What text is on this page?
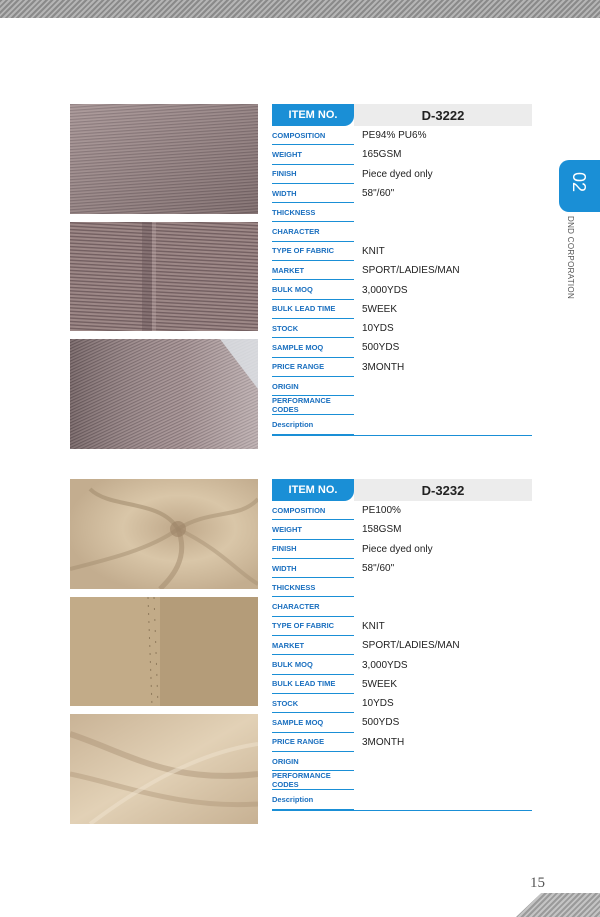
02
DND CORPORATION

ITEM NO.	D-3222
COMPOSITION	PE94% PU6%
WEIGHT	165GSM
FINISH	Piece dyed only
WIDTH	58"/60"
THICKNESS
CHARACTER
TYPE OF FABRIC	KNIT
MARKET	SPORT/LADIES/MAN
BULK MOQ	3,000YDS
BULK LEAD TIME	5WEEK
STOCK	10YDS
SAMPLE MOQ	500YDS
PRICE RANGE	3MONTH
ORIGIN
PERFORMANCE CODES
Description

ITEM NO.	D-3232
COMPOSITION	PE100%
WEIGHT	158GSM
FINISH	Piece dyed only
WIDTH	58"/60"
THICKNESS
CHARACTER
TYPE OF FABRIC	KNIT
MARKET	SPORT/LADIES/MAN
BULK MOQ	3,000YDS
BULK LEAD TIME	5WEEK
STOCK	10YDS
SAMPLE MOQ	500YDS
PRICE RANGE	3MONTH
ORIGIN
PERFORMANCE CODES
Description
15
